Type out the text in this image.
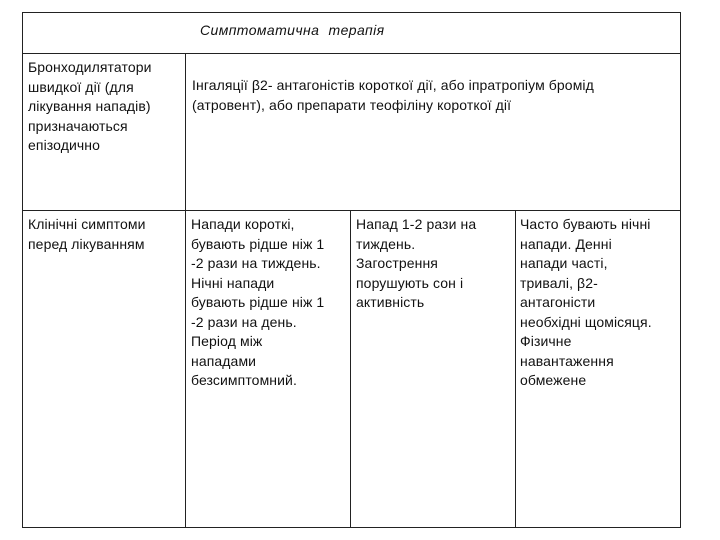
Симптоматична терапія
Бронходилятатори
швидкої дії (для
лікування нападів)
призначаються
епізодично
Інгаляції β2- антагоністів короткої дії, або іпратропіум бромід
(атровент), або препарати теофіліну короткої дії
Клінічні симптоми
перед лікуванням
Напади короткі,
бувають рідше ніж 1
-2 рази на тиждень.
Нічні напади
бувають рідше ніж 1
-2 рази на день.
Період між
нападами
безсимптомний.
Напад 1-2 рази на
тиждень.
Загострення
порушують сон і
активність
Часто бувають нічні
напади. Денні
напади часті,
тривалі, β2-
антагоністи
необхідні щомісяця.
Фізичне
навантаження
обмежене
